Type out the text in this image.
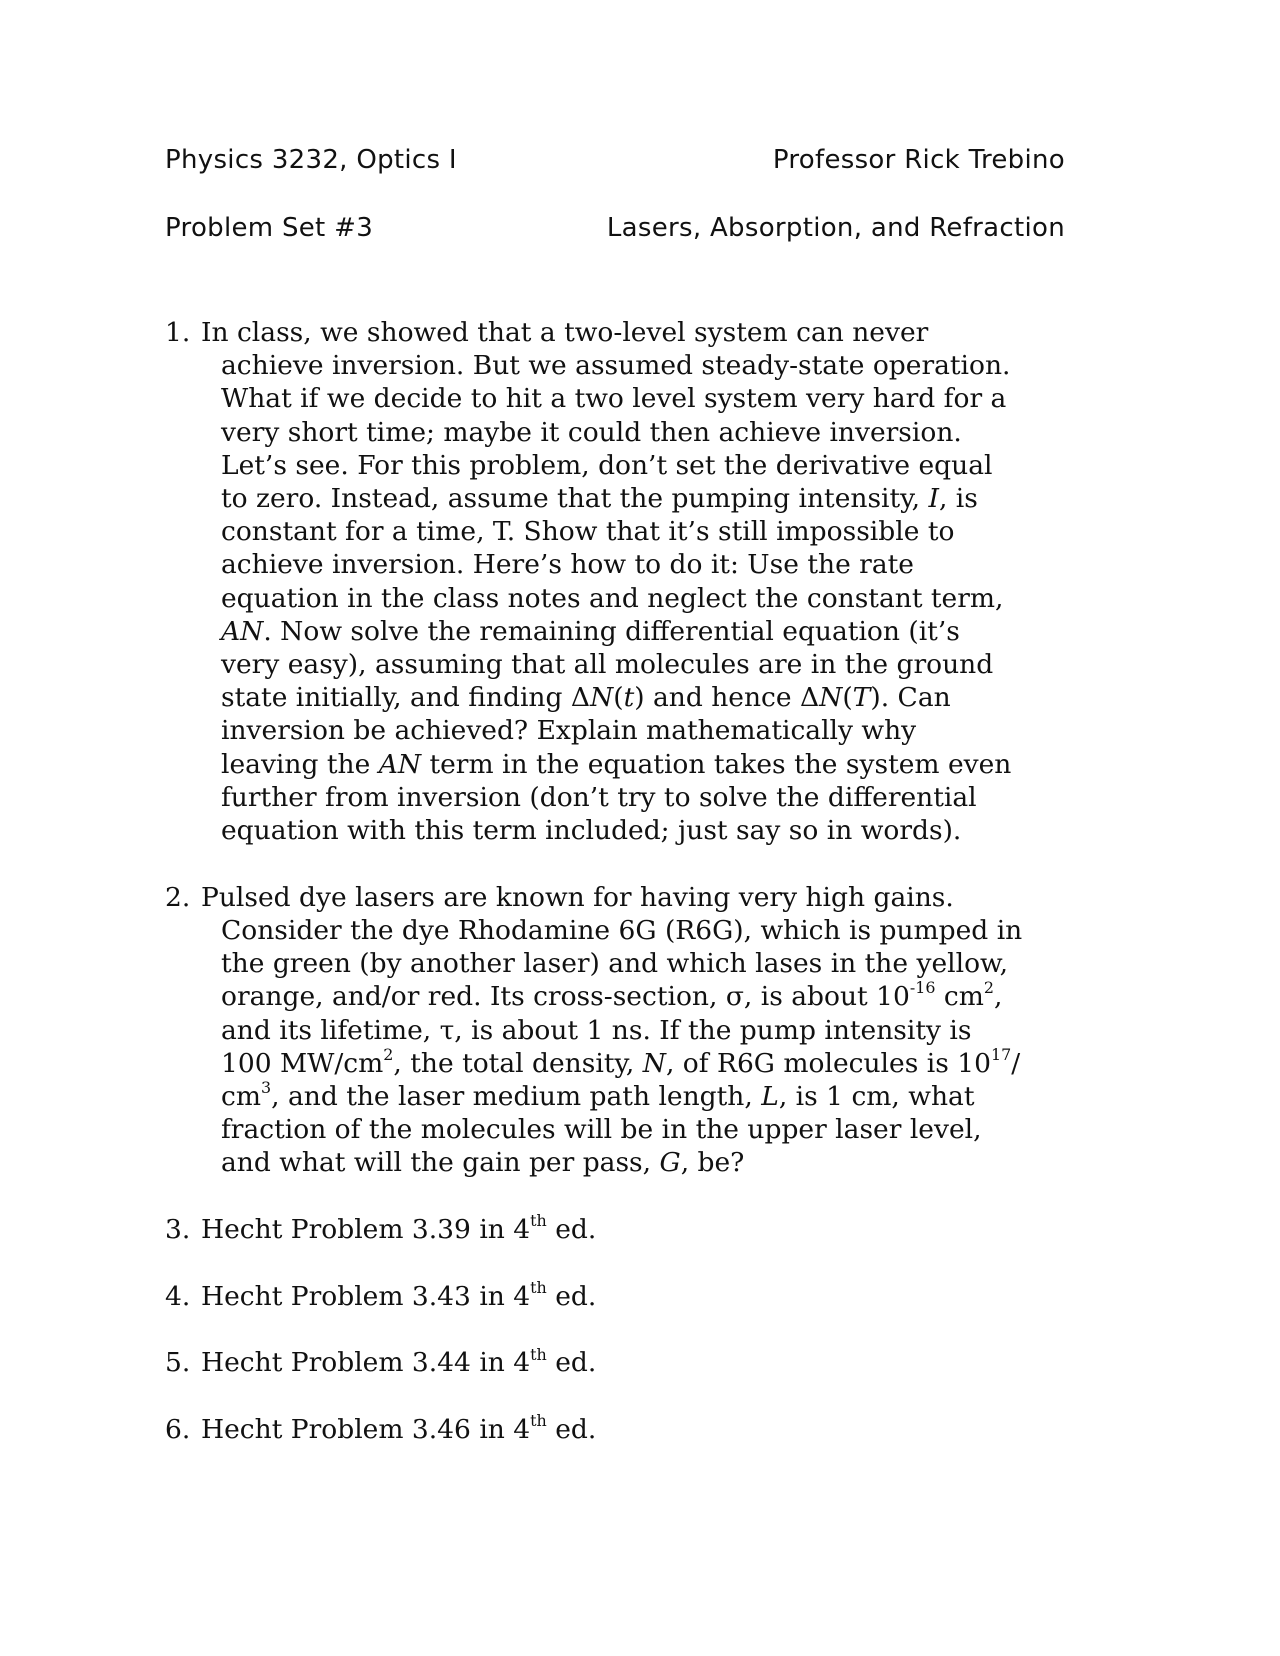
Physics 3232, Optics I	Professor Rick Trebino
Problem Set #3	Lasers, Absorption, and Refraction
1. In class, we showed that a two-level system can never
achieve inversion. But we assumed steady-state operation.
What if we decide to hit a two level system very hard for a
very short time; maybe it could then achieve inversion.
Let’s see. For this problem, don’t set the derivative equal
to zero. Instead, assume that the pumping intensity, I, is
constant for a time, T. Show that it’s still impossible to
achieve inversion. Here’s how to do it: Use the rate
equation in the class notes and neglect the constant term,
AN. Now solve the remaining differential equation (it’s
very easy), assuming that all molecules are in the ground
state initially, and finding ΔN(t) and hence ΔN(T). Can
inversion be achieved? Explain mathematically why
leaving the AN term in the equation takes the system even
further from inversion (don’t try to solve the differential
equation with this term included; just say so in words).
2. Pulsed dye lasers are known for having very high gains.
Consider the dye Rhodamine 6G (R6G), which is pumped in
the green (by another laser) and which lases in the yellow,
orange, and/or red. Its cross-section, σ, is about $10^{-16}$ $cm^2$,
and its lifetime, τ, is about 1 ns. If the pump intensity is
100 $MW/cm^2$, the total density, N, of R6G molecules is $10^{17}/$
$cm^3$, and the laser medium path length, L, is 1 cm, what
fraction of the molecules will be in the upper laser level,
and what will the gain per pass, G, be?
3. Hecht Problem 3.39 in 4th ed.
4. Hecht Problem 3.43 in 4th ed.
5. Hecht Problem 3.44 in 4th ed.
6. Hecht Problem 3.46 in 4th ed.
